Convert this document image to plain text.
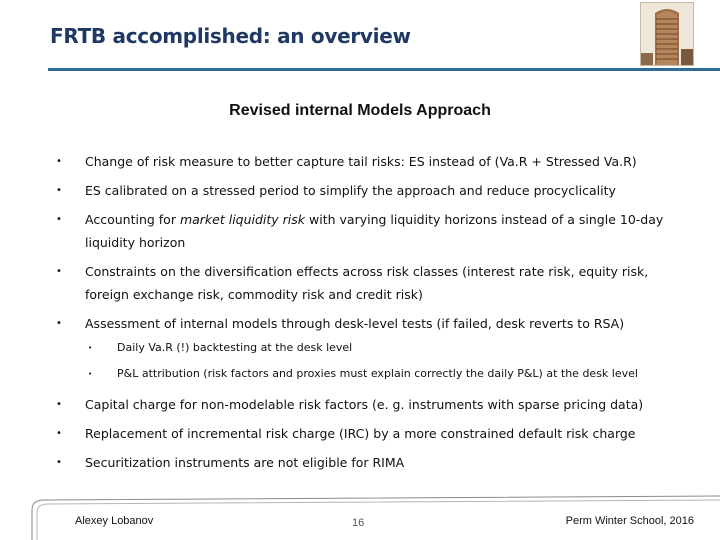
FRTB accomplished: an overview
Revised internal Models Approach
• Change of risk measure to better capture tail risks: ES instead of (Va.R + Stressed Va.R)
• ES calibrated on a stressed period to simplify the approach and reduce procyclicality
• Accounting for market liquidity risk with varying liquidity horizons instead of a single 10-day liquidity horizon
• Constraints on the diversification effects across risk classes (interest rate risk, equity risk, foreign exchange risk, commodity risk and credit risk)
• Assessment of internal models through desk-level tests (if failed, desk reverts to RSA)
• Daily Va.R (!) backtesting at the desk level
• P&L attribution (risk factors and proxies must explain correctly the daily P&L) at the desk level
• Capital charge for non-modelable risk factors (e. g. instruments with sparse pricing data)
• Replacement of incremental risk charge (IRC) by a more constrained default risk charge
• Securitization instruments are not eligible for RIMA
Alexey Lobanov	16	Perm Winter School, 2016
